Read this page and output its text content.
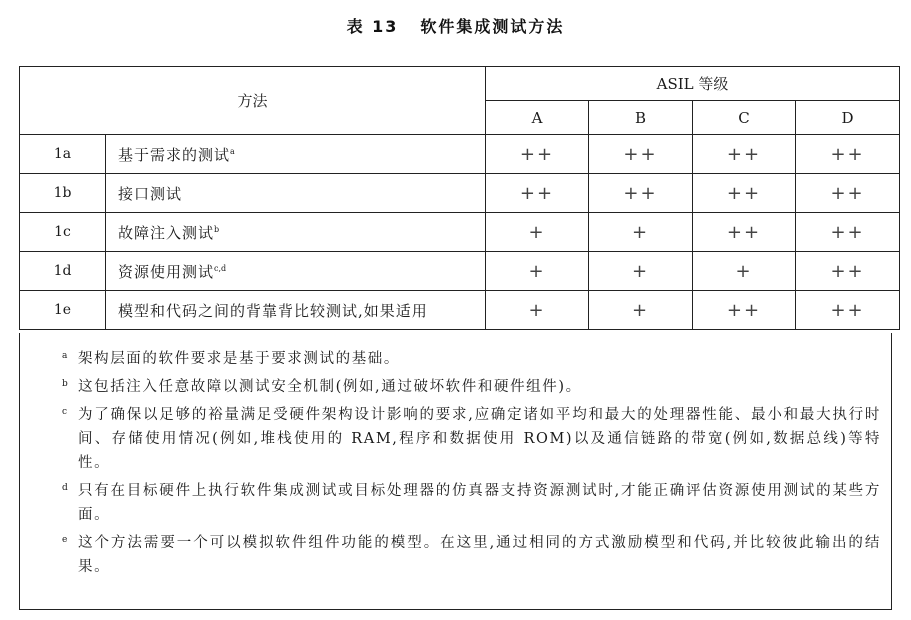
表 13 软件集成测试方法
方法		ASIL 等级			
		A	B	C	D
1a	基于需求的测试$^a$	++	++	++	++
1b	接口测试	++	++	++	++
1c	故障注入测试$^b$	+	+	++	++
1d	资源使用测试$^{c,d}$	+	+	+	++
1e	模型和代码之间的背靠背比较测试,如果适用	+	+	++	++
a 架构层面的软件要求是基于要求测试的基础。
b 这包括注入任意故障以测试安全机制(例如,通过破坏软件和硬件组件)。
c 为了确保以足够的裕量满足受硬件架构设计影响的要求,应确定诸如平均和最大的处理器性能、最小和最大执行时间、存储使用情况(例如,堆栈使用的 RAM,程序和数据使用 ROM)以及通信链路的带宽(例如,数据总线)等特性。
d 只有在目标硬件上执行软件集成测试或目标处理器的仿真器支持资源测试时,才能正确评估资源使用测试的某些方面。
e 这个方法需要一个可以模拟软件组件功能的模型。在这里,通过相同的方式激励模型和代码,并比较彼此输出的结果。
